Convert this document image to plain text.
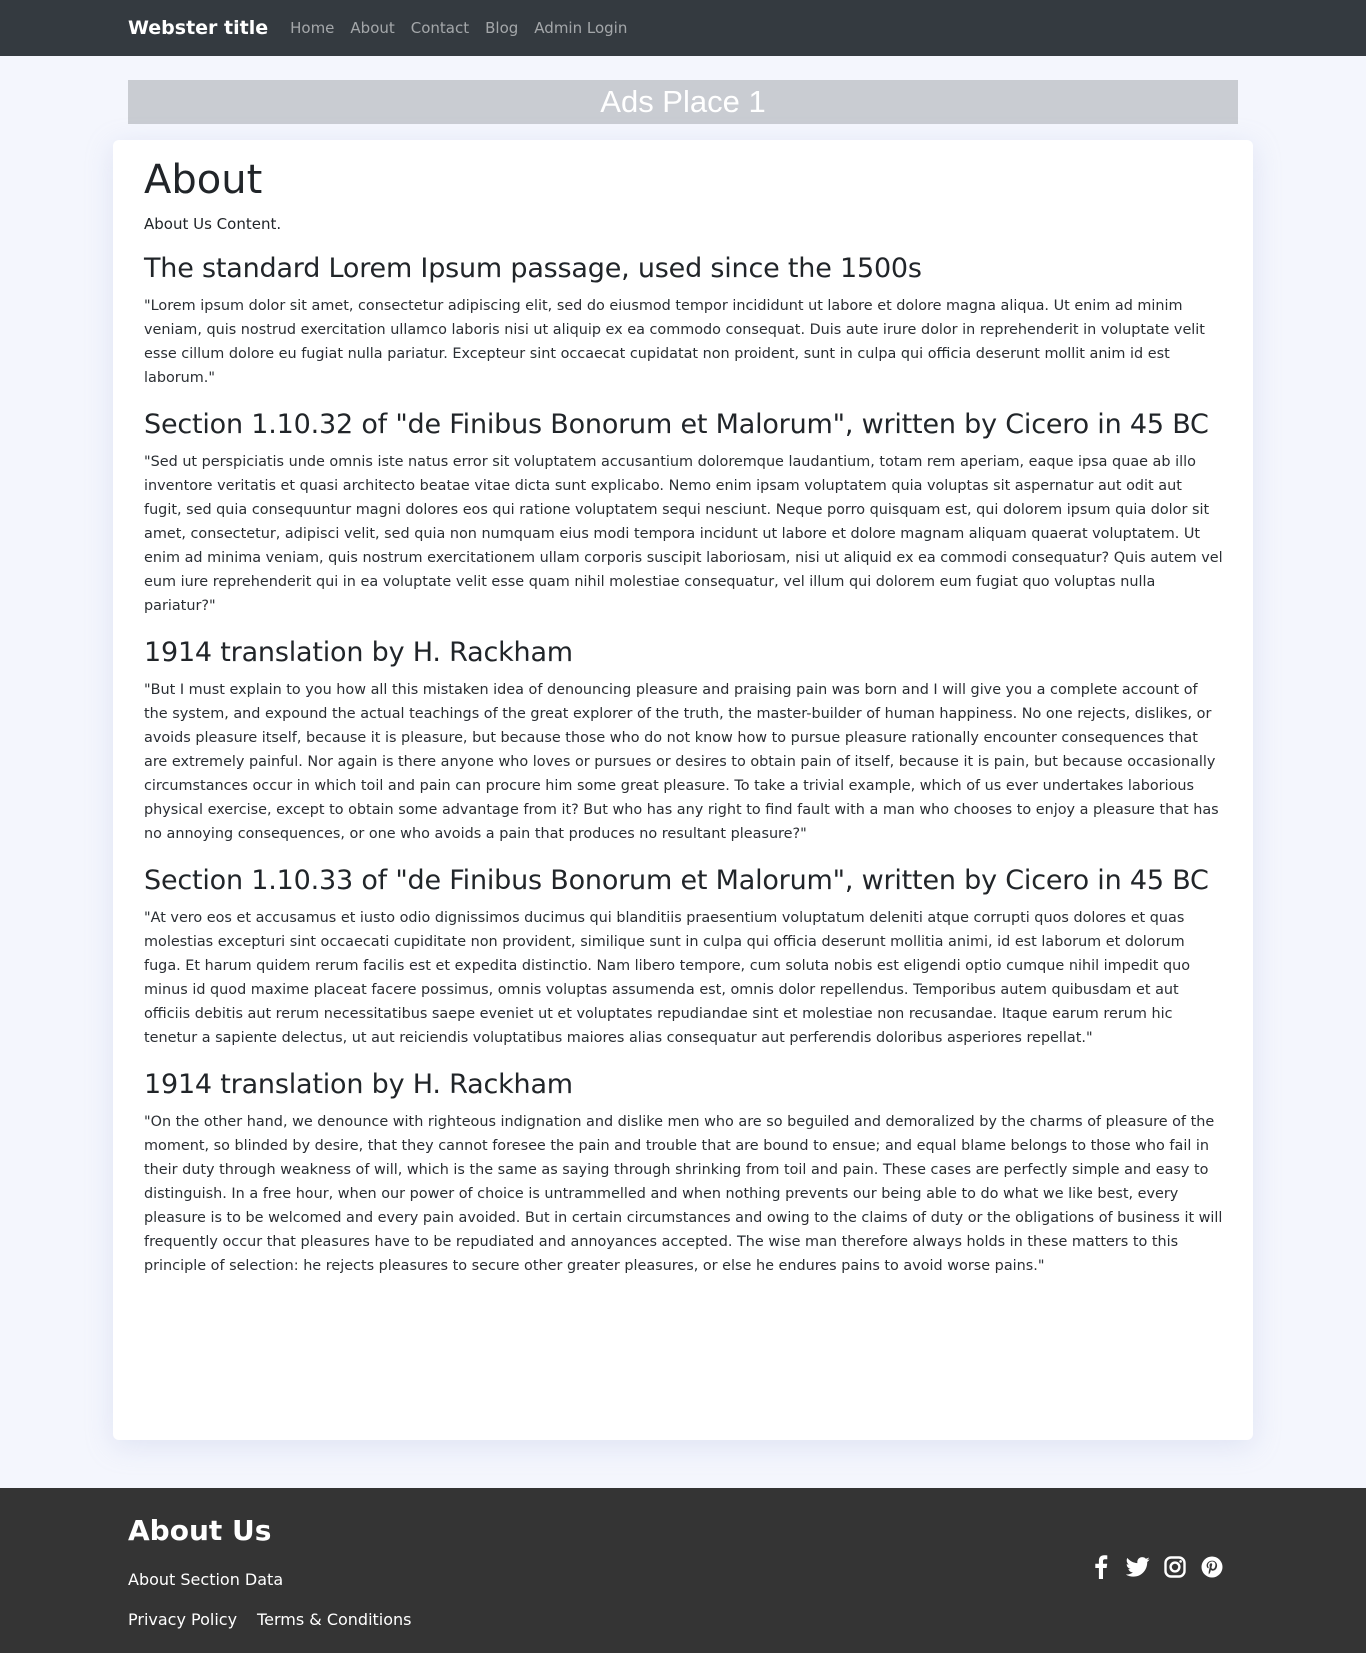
Webster title Home About Contact Blog Admin Login
Ads Place 1
About

About Us Content.

The standard Lorem Ipsum passage, used since the 1500s

"Lorem ipsum dolor sit amet, consectetur adipiscing elit, sed do eiusmod tempor incididunt ut labore et dolore magna aliqua. Ut enim ad minim veniam, quis nostrud exercitation ullamco laboris nisi ut aliquip ex ea commodo consequat. Duis aute irure dolor in reprehenderit in voluptate velit esse cillum dolore eu fugiat nulla pariatur. Excepteur sint occaecat cupidatat non proident, sunt in culpa qui officia deserunt mollit anim id est laborum."

Section 1.10.32 of "de Finibus Bonorum et Malorum", written by Cicero in 45 BC

"Sed ut perspiciatis unde omnis iste natus error sit voluptatem accusantium doloremque laudantium, totam rem aperiam, eaque ipsa quae ab illo inventore veritatis et quasi architecto beatae vitae dicta sunt explicabo. Nemo enim ipsam voluptatem quia voluptas sit aspernatur aut odit aut fugit, sed quia consequuntur magni dolores eos qui ratione voluptatem sequi nesciunt. Neque porro quisquam est, qui dolorem ipsum quia dolor sit amet, consectetur, adipisci velit, sed quia non numquam eius modi tempora incidunt ut labore et dolore magnam aliquam quaerat voluptatem. Ut enim ad minima veniam, quis nostrum exercitationem ullam corporis suscipit laboriosam, nisi ut aliquid ex ea commodi consequatur? Quis autem vel eum iure reprehenderit qui in ea voluptate velit esse quam nihil molestiae consequatur, vel illum qui dolorem eum fugiat quo voluptas nulla pariatur?"

1914 translation by H. Rackham

"But I must explain to you how all this mistaken idea of denouncing pleasure and praising pain was born and I will give you a complete account of the system, and expound the actual teachings of the great explorer of the truth, the master-builder of human happiness. No one rejects, dislikes, or avoids pleasure itself, because it is pleasure, but because those who do not know how to pursue pleasure rationally encounter consequences that are extremely painful. Nor again is there anyone who loves or pursues or desires to obtain pain of itself, because it is pain, but because occasionally circumstances occur in which toil and pain can procure him some great pleasure. To take a trivial example, which of us ever undertakes laborious physical exercise, except to obtain some advantage from it? But who has any right to find fault with a man who chooses to enjoy a pleasure that has no annoying consequences, or one who avoids a pain that produces no resultant pleasure?"

Section 1.10.33 of "de Finibus Bonorum et Malorum", written by Cicero in 45 BC

"At vero eos et accusamus et iusto odio dignissimos ducimus qui blanditiis praesentium voluptatum deleniti atque corrupti quos dolores et quas molestias excepturi sint occaecati cupiditate non provident, similique sunt in culpa qui officia deserunt mollitia animi, id est laborum et dolorum fuga. Et harum quidem rerum facilis est et expedita distinctio. Nam libero tempore, cum soluta nobis est eligendi optio cumque nihil impedit quo minus id quod maxime placeat facere possimus, omnis voluptas assumenda est, omnis dolor repellendus. Temporibus autem quibusdam et aut officiis debitis aut rerum necessitatibus saepe eveniet ut et voluptates repudiandae sint et molestiae non recusandae. Itaque earum rerum hic tenetur a sapiente delectus, ut aut reiciendis voluptatibus maiores alias consequatur aut perferendis doloribus asperiores repellat."

1914 translation by H. Rackham

"On the other hand, we denounce with righteous indignation and dislike men who are so beguiled and demoralized by the charms of pleasure of the moment, so blinded by desire, that they cannot foresee the pain and trouble that are bound to ensue; and equal blame belongs to those who fail in their duty through weakness of will, which is the same as saying through shrinking from toil and pain. These cases are perfectly simple and easy to distinguish. In a free hour, when our power of choice is untrammelled and when nothing prevents our being able to do what we like best, every pleasure is to be welcomed and every pain avoided. But in certain circumstances and owing to the claims of duty or the obligations of business it will frequently occur that pleasures have to be repudiated and annoyances accepted. The wise man therefore always holds in these matters to this principle of selection: he rejects pleasures to secure other greater pleasures, or else he endures pains to avoid worse pains."

About Us
About Section Data
Privacy Policy Terms & Conditions
